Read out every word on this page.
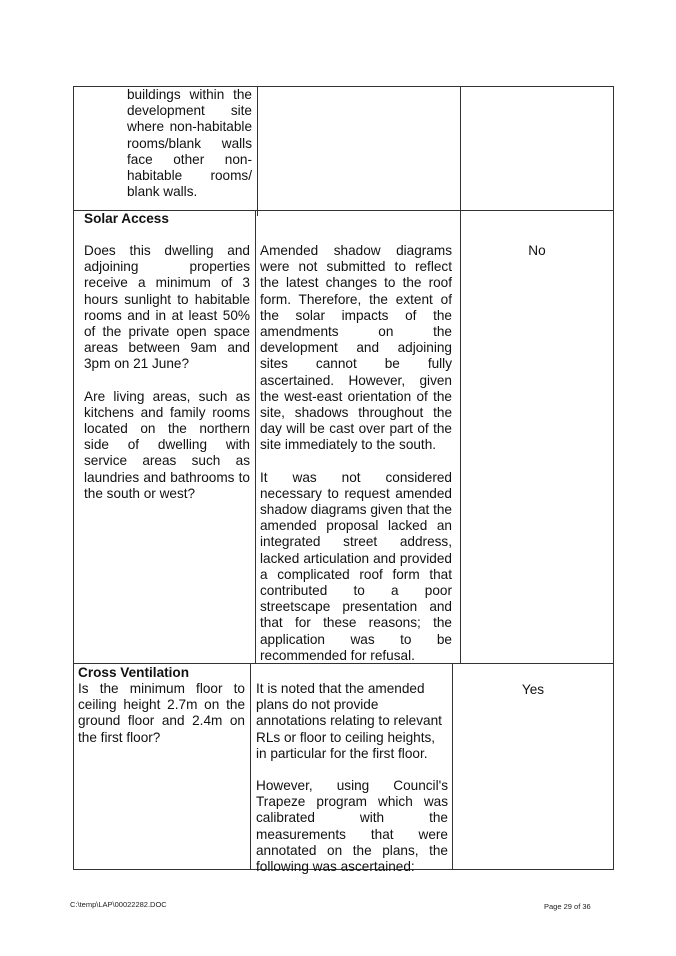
buildings within the development site where non-habitable rooms/blank walls face other non-habitable rooms/ blank walls.

Solar Access

Does this dwelling and adjoining properties receive a minimum of 3 hours sunlight to habitable rooms and in at least 50% of the private open space areas between 9am and 3pm on 21 June?

Are living areas, such as kitchens and family rooms located on the northern side of dwelling with service areas such as laundries and bathrooms to the south or west?

Amended shadow diagrams were not submitted to reflect the latest changes to the roof form. Therefore, the extent of the solar impacts of the amendments on the development and adjoining sites cannot be fully ascertained. However, given the west-east orientation of the site, shadows throughout the day will be cast over part of the site immediately to the south.

It was not considered necessary to request amended shadow diagrams given that the amended proposal lacked an integrated street address, lacked articulation and provided a complicated roof form that contributed to a poor streetscape presentation and that for these reasons; the application was to be recommended for refusal.

No
Cross Ventilation

Is the minimum floor to ceiling height 2.7m on the ground floor and 2.4m on the first floor?

It is noted that the amended plans do not provide annotations relating to relevant RLs or floor to ceiling heights, in particular for the first floor.

However, using Council's Trapeze program which was calibrated with the measurements that were annotated on the plans, the following was ascertained:

Yes
C:\temp\LAP\00022282.DOC	Page 29 of 36
